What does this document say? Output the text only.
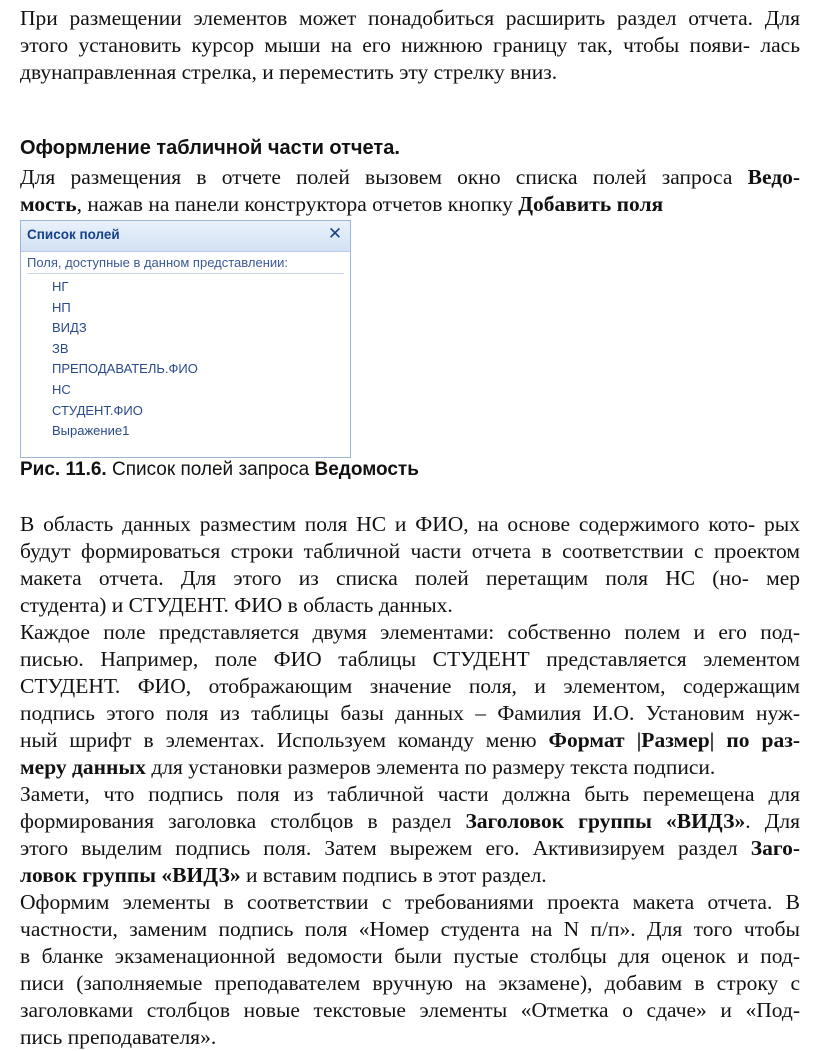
При размещении элементов может понадобиться расширить раздел отчета. Для
этого установить курсор мыши на его нижнюю границу так, чтобы появи- лась
двунаправленная стрелка, и переместить эту стрелку вниз.
Оформление табличной части отчета.
Для размещения в отчете полей вызовем окно списка полей запроса Ведо-
мость, нажав на панели конструктора отчетов кнопку Добавить поля
Список полей	✕
Поля, доступные в данном представлении:
НГ
НП
ВИДЗ
ЗВ
ПРЕПОДАВАТЕЛЬ.ФИО
НС
СТУДЕНТ.ФИО
Выражение1
Рис. 11.6. Список полей запроса Ведомость
В область данных разместим поля НС и ФИО, на основе содержимого кото- рых
будут формироваться строки табличной части отчета в соответствии с проектом
макета отчета. Для этого из списка полей перетащим поля НС (но- мер
студента) и СТУДЕНТ. ФИО в область данных.
Каждое поле представляется двумя элементами: собственно полем и его под-
писью. Например, поле ФИО таблицы СТУДЕНТ представляется элементом
СТУДЕНТ. ФИО, отображающим значение поля, и элементом, содержащим
подпись этого поля из таблицы базы данных – Фамилия И.О. Установим нуж-
ный шрифт в элементах. Используем команду меню Формат |Размер| по раз-
меру данных для установки размеров элемента по размеру текста подписи.
Замети, что подпись поля из табличной части должна быть перемещена для
формирования заголовка столбцов в раздел Заголовок группы «ВИДЗ». Для
этого выделим подпись поля. Затем вырежем его. Активизируем раздел Заго-
ловок группы «ВИДЗ» и вставим подпись в этот раздел.
Оформим элементы в соответствии с требованиями проекта макета отчета. В
частности, заменим подпись поля «Номер студента на N п/п». Для того чтобы
в бланке экзаменационной ведомости были пустые столбцы для оценок и под-
писи (заполняемые преподавателем вручную на экзамене), добавим в строку с
заголовками столбцов новые текстовые элементы «Отметка о сдаче» и «Под-
пись преподавателя».
